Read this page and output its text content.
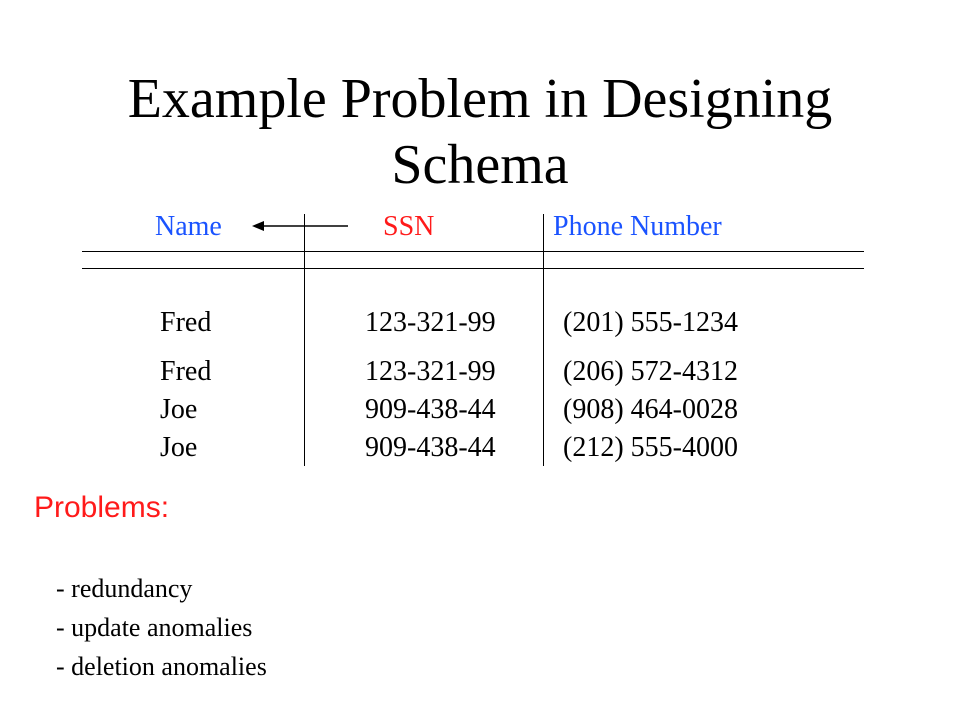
Example Problem in Designing
Schema
Name	SSN	Phone Number
Fred	123-321-99 (201) 555-1234
Fred	123-321-99 (206) 572-4312
Joe	909-438-44 (908) 464-0028
Joe	909-438-44 (212) 555-4000
Problems:
- redundancy
- update anomalies
- deletion anomalies
